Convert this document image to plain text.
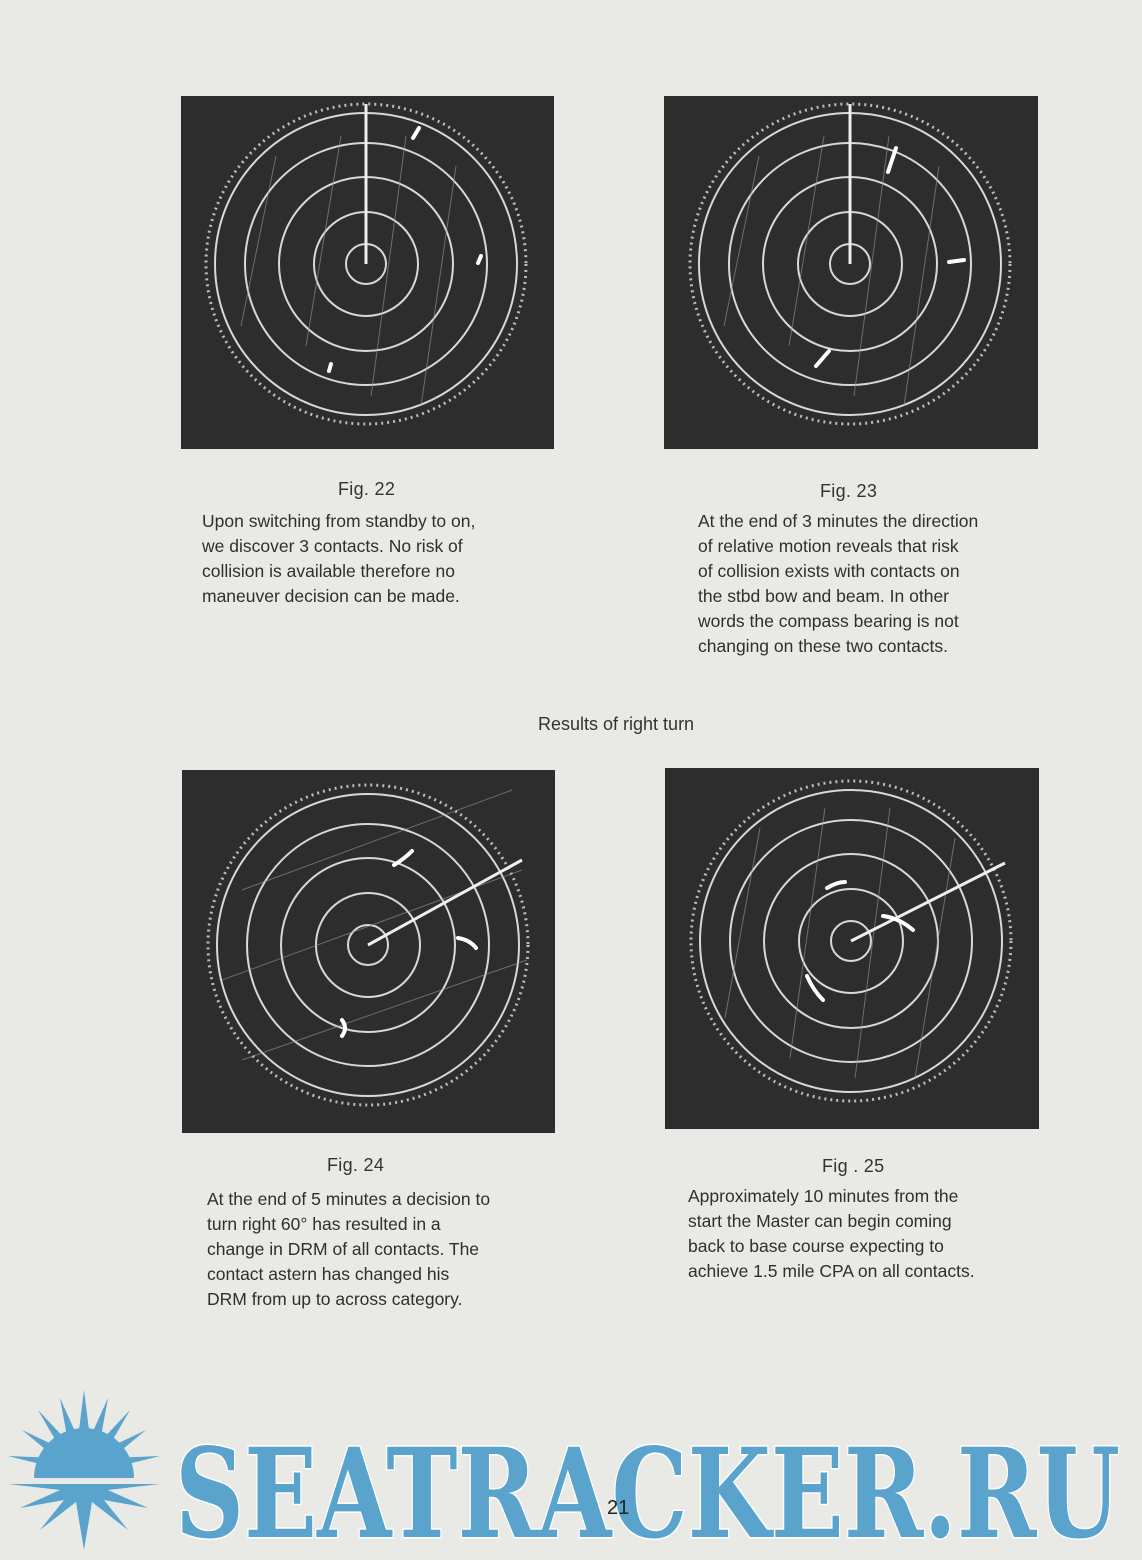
Fig. 22	Fig. 23
Upon switching from standby to on,
we discover 3 contacts. No risk of
collision is available therefore no
maneuver decision can be made.
At the end of 3 minutes the direction
of relative motion reveals that risk
of collision exists with contacts on
the stbd bow and beam. In other
words the compass bearing is not
changing on these two contacts.
Results of right turn
Fig. 24	Fig . 25
At the end of 5 minutes a decision to
turn right 60° has resulted in a
change in DRM of all contacts. The
contact astern has changed his
DRM from up to across category.
Approximately 10 minutes from the
start the Master can begin coming
back to base course expecting to
achieve 1.5 mile CPA on all contacts.
SEATRACKER.RU
21
